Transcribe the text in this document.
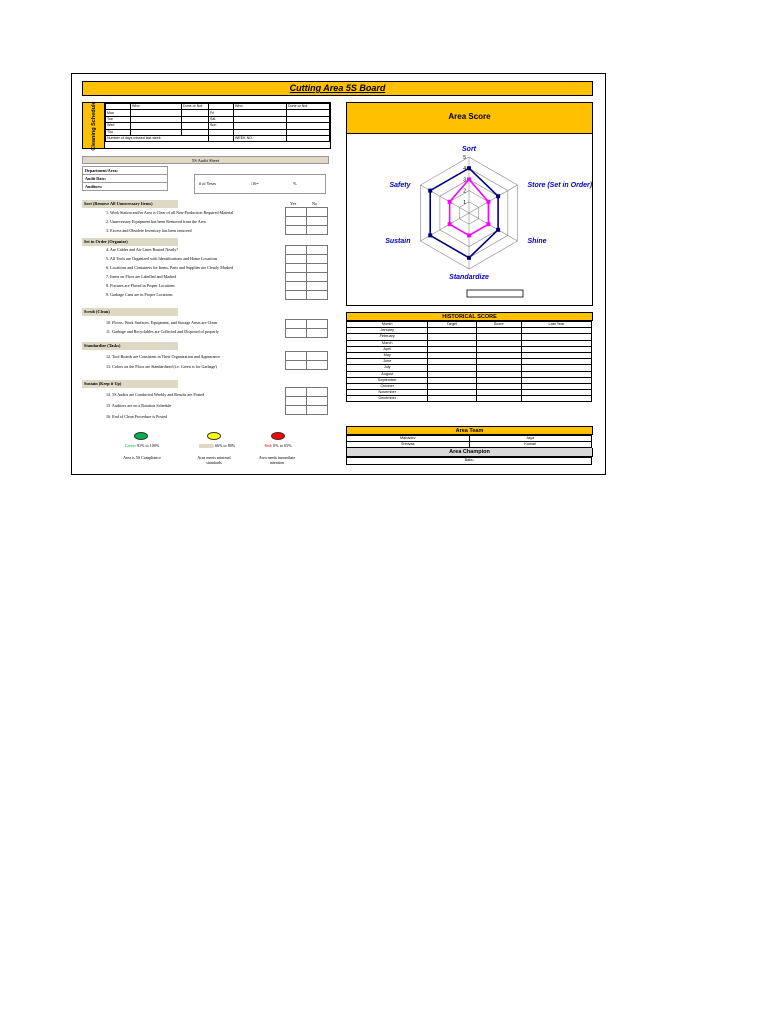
Cutting Area 5S Board
Cleaning Schedule
		Who:	Done or Not		Who:	Done or Not
Mon			Fri		
Tue			Sat		
Wed			Sun		
Thu					
Number of days missed last week				WEEK NO.	
5S Audit Sheet
Department/Area:
Audit Date:
Auditors:	# of Yeses	/16=	%
Sort (Remove All Unnecessary Items)	Yes	No
1. Work Station and/or Area is Clear of all Non-Production Required Material
2. Unnecessary Equipment has been Removed from the Area
3. Excess and Obsolete Inventory has been removed

Set in Order (Organize)
4. Are Cables and Air Lines Routed Neatly?
5. All Tools are Organized with Identifications and Home Locations
6. Locations and Containers for Items, Parts and Supplies are Clearly Marked
7. Items on Floor are Labelled and Marked
8. Fixtures are Placed in Proper Locations
9. Garbage Cans are in Proper Locations

Scrub (Clean)
10. Floors, Work Surfaces, Equipment, and Storage Areas are Clean
11. Garbage and Recyclables are Collected and Disposed of properly

Standardize (Tasks)
12. Tool Boards are Consistent in Their Organization and Appearance
13. Colors on the Floor are Standardized (i.e. Green is for Garbage)

Sustain (Keep it Up)
14. 5S Audits are Conducted Weekly and Results are Posted
15. Auditors are on a Rotation Schedule
16. End of Clean Procedure is Posted

Green: 81% to 100%	: 66% to 80%	Red: 0% to 65%
Area is 5S Compliance	Area meets minimal standards
Area needs immediate attention
Area Score
1
2
3
4
5
Sort
Store (Set in Order)
Shine
Standardize
Sustain
Safety
HISTORICAL SCORE
Month	Target	Score	Last Year
January			
February			
March			
April			
May			
June			
July			
August			
September			
October			
November			
December			
Area Team
Mahadev	Jaya
Srinivas	Kumari
Area Champion
Babu
